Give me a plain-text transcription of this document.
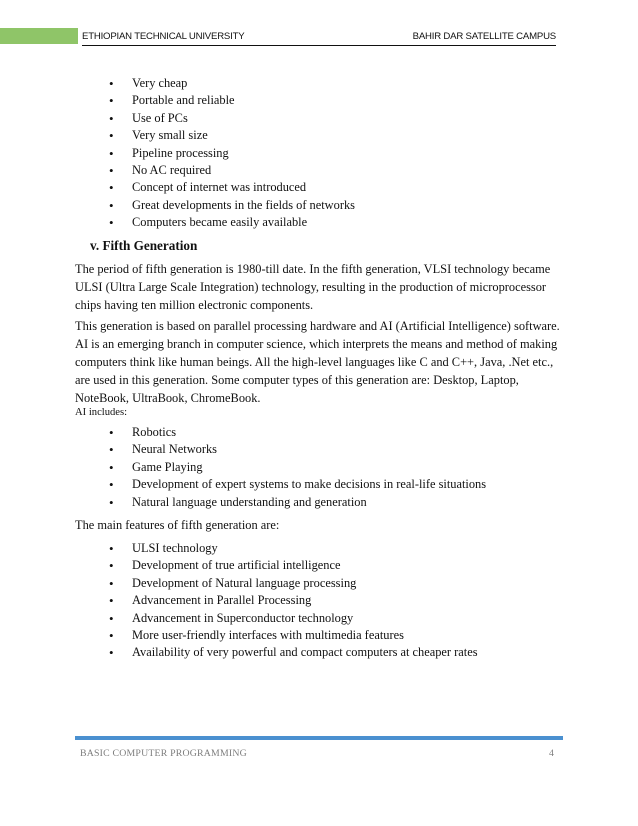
ETHIOPIAN TECHNICAL UNIVERSITY	BAHIR DAR SATELLITE CAMPUS
• Very cheap
• Portable and reliable
• Use of PCs
• Very small size
• Pipeline processing
• No AC required
• Concept of internet was introduced
• Great developments in the fields of networks
• Computers became easily available
v. Fifth Generation
The period of fifth generation is 1980-till date. In the fifth generation, VLSI technology became
ULSI (Ultra Large Scale Integration) technology, resulting in the production of microprocessor
chips having ten million electronic components.
This generation is based on parallel processing hardware and AI (Artificial Intelligence) software.
AI is an emerging branch in computer science, which interprets the means and method of making
computers think like human beings. All the high-level languages like C and C++, Java, .Net etc.,
are used in this generation. Some computer types of this generation are: Desktop, Laptop,
NoteBook, UltraBook, ChromeBook.
AI includes:
• Robotics
• Neural Networks
• Game Playing
• Development of expert systems to make decisions in real-life situations
• Natural language understanding and generation
The main features of fifth generation are:
• ULSI technology
• Development of true artificial intelligence
• Development of Natural language processing
• Advancement in Parallel Processing
• Advancement in Superconductor technology
• More user-friendly interfaces with multimedia features
• Availability of very powerful and compact computers at cheaper rates
BASIC COMPUTER PROGRAMMING	4
